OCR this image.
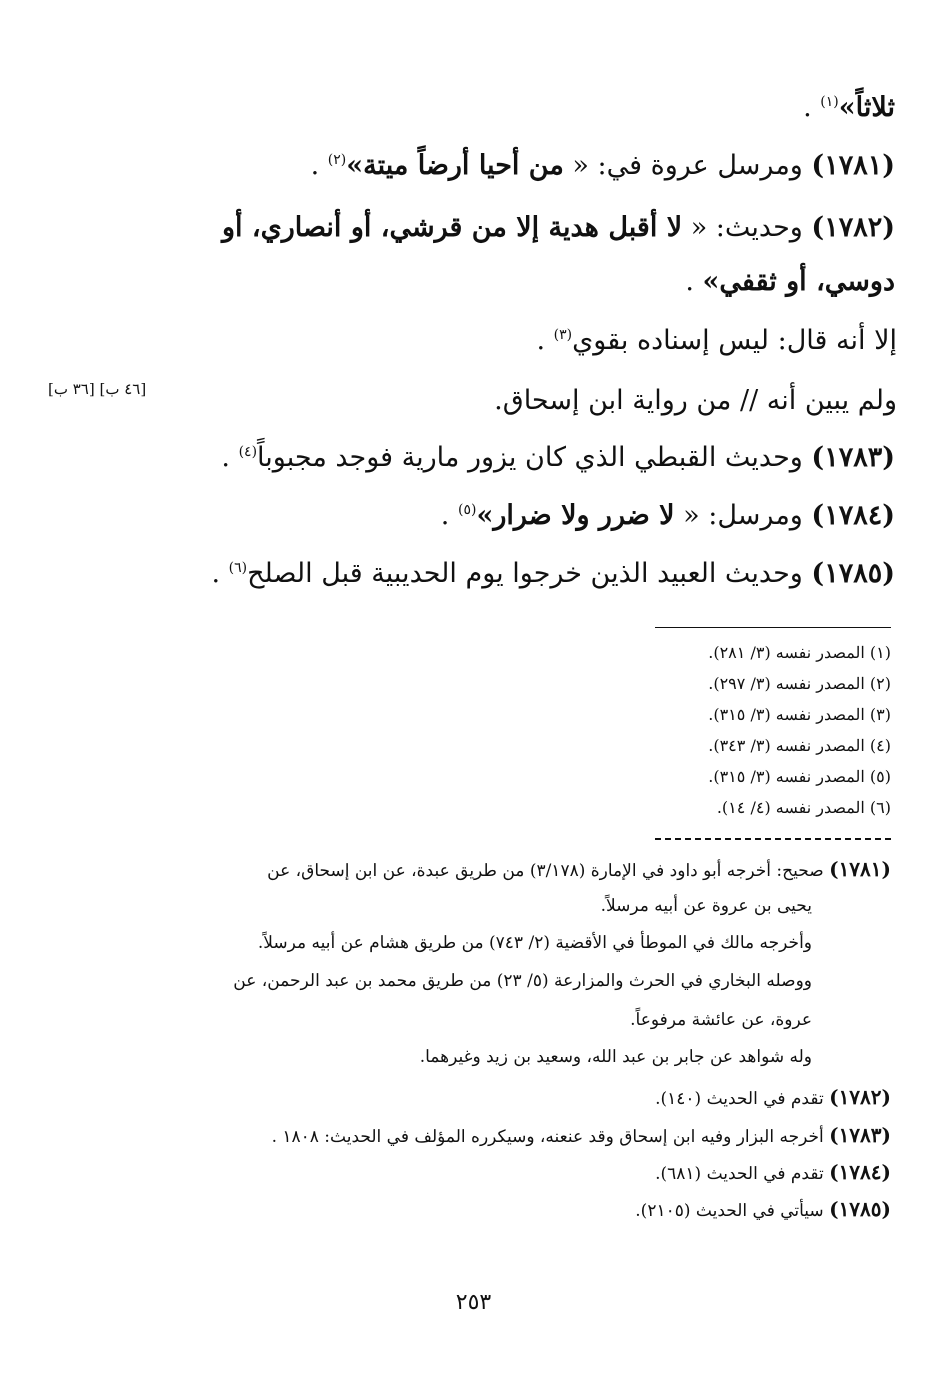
ثلاثاً»$^{(١)}$ .
(١٧٨١) ومرسل عروة في: « من أحيا أرضاً ميتة»$^{(٢)}$ .
(١٧٨٢) وحديث: « لا أقبل هدية إلا من قرشي، أو أنصاري، أو
دوسي، أو ثقفي» .
إلا أنه قال: ليس إسناده بقوي$^{(٣)}$ .
ولم يبين أنه // من رواية ابن إسحاق.
[٤٦ ب] [٣٦ ب]
(١٧٨٣) وحديث القبطي الذي كان يزور مارية فوجد مجبوباً$^{(٤)}$ .
(١٧٨٤) ومرسل: « لا ضرر ولا ضرار»$^{(٥)}$ .
(١٧٨٥) وحديث العبيد الذين خرجوا يوم الحديبية قبل الصلح$^{(٦)}$ .
(١) المصدر نفسه (٣/ ٢٨١).
(٢) المصدر نفسه (٣/ ٢٩٧).
(٣) المصدر نفسه (٣/ ٣١٥).
(٤) المصدر نفسه (٣/ ٣٤٣).
(٥) المصدر نفسه (٣/ ٣١٥).
(٦) المصدر نفسه (٤/ ١٤).
(١٧٨١) صحيح: أخرجه أبو داود في الإمارة (٣/١٧٨) من طريق عبدة، عن ابن إسحاق، عن
يحيى بن عروة عن أبيه مرسلاً.
وأخرجه مالك في الموطأ في الأقضية (٢/ ٧٤٣) من طريق هشام عن أبيه مرسلاً.
ووصله البخاري في الحرث والمزارعة (٥/ ٢٣) من طريق محمد بن عبد الرحمن، عن
عروة، عن عائشة مرفوعاً.
وله شواهد عن جابر بن عبد الله، وسعيد بن زيد وغيرهما.
(١٧٨٢) تقدم في الحديث (١٤٠).
(١٧٨٣) أخرجه البزار وفيه ابن إسحاق وقد عنعنه، وسيكرره المؤلف في الحديث: ١٨٠٨ .
(١٧٨٤) تقدم في الحديث (٦٨١).
(١٧٨٥) سيأتي في الحديث (٢١٠٥).
٢٥٣
